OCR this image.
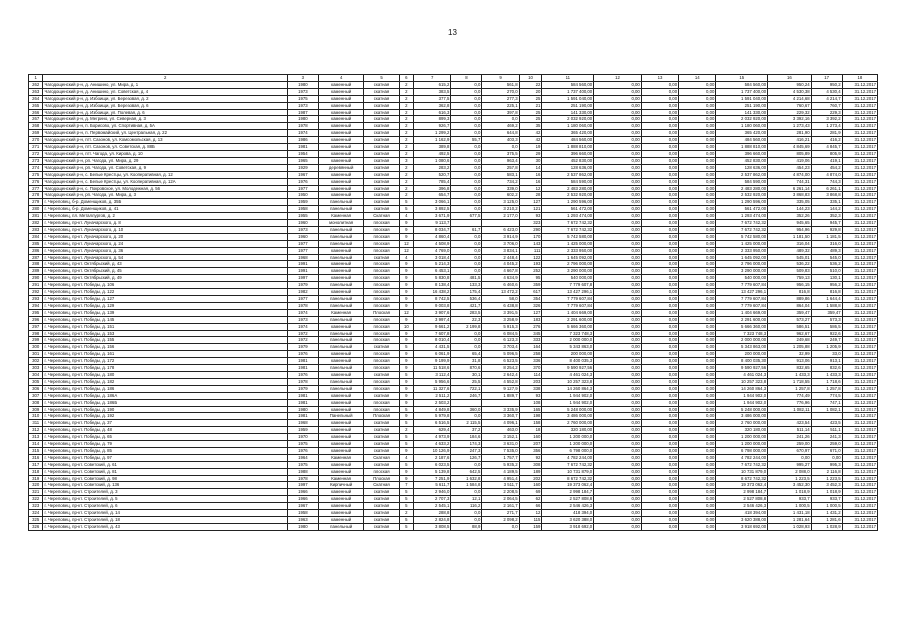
13
1	2	3	4	5	6	7	8	9	10	11	12	13	14	15	16	17	18
262	Чагодощенский р-н, д. Анишино, ул. Мира, д. 1	1980	каменный	скатная	2	615,2	0,0	561,8	22	584 560,00	0,00	0,00	0,00	584 560,00	950,24	950,2	31.12.2017
263	Чагодощенский р-н, д. Анишино, ул. Советская, д. 4	1973	каменный	скатная	2	383,5	0,0	270,0	20	1 737 400,00	0,00	0,00	0,00	1 737 400,00	4 530,38	4 530,4	31.12.2017
264	Чагодощенский р-н, д. Избоищи, ул. Березовая, д. 2	1975	каменный	скатная	2	377,5	0,0	277,3	25	1 591 040,00	0,00	0,00	0,00	1 591 040,00	4 214,68	4 214,7	31.12.2017
265	Чагодощенский р-н, д. Избоищи, ул. Березовая, д. 6	1973	каменный	скатная	2	362,8	0,0	225,1	21	251 190,00	0,00	0,00	0,00	251 190,00	760,67	760,7	31.12.2017
266	Чагодощенский р-н, д. Избоищи, ул. Полевая, д. 6	1987	каменный	скатная	2	616,3	0,0	397,8	25	141 330,00	0,00	0,00	0,00	141 330,00	229,32	229,3	31.12.2017
267	Чагодощенский р-н, д. Мегрино, ул. Северная, д. 3	1980	каменный	скатная	2	899,3	0,0	0,0	25	2 032 920,00	0,00	0,00	0,00	2 032 920,00	3 392,16	3 392,2	31.12.2017
268	Чагодощенский р-н, п. Борисово, ул. Спортивная, д. 5А	1978	каменный	скатная	2	926,7	0,0	469,2	35	1 180 060,00	0,00	0,00	0,00	1 180 060,00	1 273,43	1 273,4	31.12.2017
269	Чагодощенский р-н, п. Первомайский, ул. Центральная, д. 22	1974	каменный	скатная	2	1 299,2	0,0	644,8	42	365 420,00	0,00	0,00	0,00	365 420,00	281,90	281,9	31.12.2017
270	Чагодощенский р-н, пгт. Сазонов, ул. Комсомольская, д. 13	1986	каменный	скатная	2	1 162,9	55,7	403,3	42	484 560,00	0,00	0,00	0,00	484 560,00	416,21	416,2	31.12.2017
271	Чагодощенский р-н, пгт. Сазонов, ул. Советская, д. 88Б	1981	каменный	скатная	2	389,8	0,0	0,0	19	1 888 810,00	0,00	0,00	0,00	1 888 810,00	4 845,69	4 845,7	31.12.2017
272	Чагодощенский р-н, пгт. Чагода, ул. Кирова, д. 10	1954	каменный	скатная	2	492,5	0,0	375,5	29	396 660,00	0,00	0,00	0,00	396 660,00	805,89	805,9	31.12.2017
273	Чагодощенский р-н, рп. Чагода, ул. Мира, д. 29	1965	каменный	скатная	3	1 080,6	0,0	963,4	30	452 830,00	0,00	0,00	0,00	452 830,00	419,06	419,1	31.12.2017
274	Чагодощенский р-н, рп. Чагода, ул. Советская, д. 9	1929	деревянный	скатная	2	283,2	0,0	257,8	14	128 636,00	0,00	0,00	0,00	128 636,00	454,23	454,2	31.12.2017
275	Чагодощенский р-н, с. Белые Крестцы, ул. Кооперативная, д. 12	1967	каменный	скатная	2	520,7	0,0	583,1	16	2 537 862,00	0,00	0,00	0,00	2 537 862,00	4 874,00	4 874,0	31.12.2017
276	Чагодощенский р-н, с. Белые Крестцы, ул. Кооперативная, д. 12А	1976	каменный	скатная	2	785,4	0,0	734,2	16	584 590,00	0,00	0,00	0,00	584 590,00	744,31	744,3	31.12.2017
277	Чагодощенский р-н, с. Покровское, ул. Молодежная, д. 56	1977	каменный	скатная	2	396,8	0,0	339,0	12	2 483 280,00	0,00	0,00	0,00	2 483 280,00	6 261,14	6 261,1	31.12.2017
278	Чагодощенский р-н, рп. Чагода, ул. Мира, д. 3	1950	каменный	скатная	2	654,7	0,0	602,2	28	2 532 920,00	0,00	0,00	0,00	2 532 920,00	3 868,83	3 868,8	31.12.2017
279	г. Череповец, б-р. Доменщиков, д. 35Б	1959	панельный	скатная	5	3 066,1	0,0	3 125,0	127	1 290 596,00	0,00	0,00	0,00	1 290 596,00	335,05	335,1	31.12.2017
280	г. Череповец, б-р. Доменщиков, д. 41	1958	панельный	скатная	5	3 892,5	0,0	3 210,2	121	561 472,00	0,00	0,00	0,00	561 472,00	144,23	144,2	31.12.2017
281	г. Череповец, пл. Металлургов, д. 2	1955	Каменная	Скатная	4	3 671,9	677,5	2 177,0	93	1 293 474,00	0,00	0,00	0,00	1 293 474,00	352,26	352,3	31.12.2017
282	г. Череповец, пр-кт. Луначарского, д. 8	1960	монолитная	плоская	9	9 113,7			323	7 672 742,32	0,00	0,00	0,00	7 672 742,32	945,65	945,7	31.12.2017
283	г. Череповец, пр-кт. Луначарского, д. 10	1973	панельный	плоская	9	8 034,7	61,7	6 423,0	290	7 672 742,32	0,00	0,00	0,00	7 672 742,32	954,96	929,8	31.12.2017
284	г. Череповец, пр-кт. Луначарского, д. 20	1960	панельный	плоская	9	4 860,4	0,0	3 914,9	170	5 742 580,00	0,00	0,00	0,00	5 742 580,00	1 181,50	1 181,5	31.12.2017
285	г. Череповец, пр-кт. Луначарского, д. 24	1977	панельный	плоская	12	4 508,9	0,0	3 706,0	143	1 425 000,00	0,00	0,00	0,00	1 425 000,00	316,04	316,0	31.12.2017
286	г. Череповец, пр-кт. Луначарского, д. 36	1977	каменный	плоская	12	4 769,0	0,0	3 834,1	111	2 333 950,00	0,00	0,00	0,00	2 333 950,00	489,32	489,3	31.12.2017
287	г. Череповец, пр-кт. Луначарского, д. 54	1968	панельный	скатная	4	3 018,4	0,0	2 448,4	122	1 645 092,00	0,00	0,00	0,00	1 645 092,00	545,01	545,0	31.12.2017
288	г. Череповец, пр-кт. Октябрьский, д. 43	1991	каменный	плоская	9	5 214,3	0,0	4 045,2	193	2 796 000,00	0,00	0,00	0,00	2 796 000,00	536,22	536,2	31.12.2017
289	г. Череповец, пр-кт. Октябрьский, д. 45	1991	каменный	плоская	9	6 453,1	0,0	4 667,8	252	3 290 000,00	0,00	0,00	0,00	3 290 000,00	509,83	510,0	31.12.2017
290	г. Череповец, пр-кт. Октябрьский, д. 49	1997	каменный	плоская	9	5 830,8	481,5	4 634,9	95	540 000,00	0,00	0,00	0,00	540 000,00	759,13	130,1	31.12.2017
291	г. Череповец, пр-кт. Победы, д. 106	1979	панельный	плоская	9	8 138,4	133,3	6 460,6	359	7 779 607,8	0,00	0,00	0,00	7 779 607,84	956,15	956,2	31.12.2017
292	г. Череповец, пр-кт. Победы, д. 122	1982	каменный	плоская	9	16 438,2	175,4	13 472,2	617	13 427 296,1	0,00	0,00	0,00	13 427 296,1	816,8	816,8	31.12.2017
293	г. Череповец, пр-кт. Победы, д. 127	1977	панельный	плоская	9	8 742,5	536,4	58,0	354	7 779 607,84	0,00	0,00	0,00	7 779 607,84	889,86	1 644,4	31.12.2017
294	г. Череповец, пр-кт. Победы, д. 129	1978	панельный	плоская	9	9 003,8	421,7	6 438,8	326	7 779 607,84	0,00	0,00	0,00	7 779 607,84	864,04	1 588,8	31.12.2017
295	г. Череповец, пр-кт. Победы, д. 139	1974	Каменная	Плоская	12	3 907,6	283,5	3 391,5	127	1 404 669,00	0,00	0,00	0,00	1 404 669,00	359,47	359,47	31.12.2017
296	г. Череповец, пр-кт. Победы, д. 145	1973	панельный	плоская	9	3 997,4	22,3	3 258,9	183	2 291 600,00	0,00	0,00	0,00	2 291 600,00	573,27	573,3	31.12.2017
297	г. Череповец, пр-кт. Победы, д. 151	1974	каменный	плоская	10	9 661,2	2 199,8	5 915,3	276	5 666 360,00	0,00	0,00	0,00	5 666 360,00	586,51	586,5	31.12.2017
298	г. Череповец, пр-кт. Победы, д. 153	1972	панельный	плоская	9	7 607,8	0,0	6 084,5	345	7 323 748,3	0,00	0,00	0,00	7 323 748,3	962,67	922,6	31.12.2017
299	г. Череповец, пр-кт. Победы, д. 155	1972	панельный	плоская	9	8 010,4	0,0	6 123,3	333	2 000 000,0	0,00	0,00	0,00	2 000 000,00	249,68	249,7	31.12.2017
300	г. Череповец, пр-кт. Победы, д. 156	1979	панельный	скатная	5	4 431,5	0,0	3 703,4	164	5 343 863,0	0,00	0,00	0,00	5 343 863,00	1 205,88	1 205,9	31.12.2017
301	г. Череповец, пр-кт. Победы, д. 161	1976	каменный	плоская	9	6 061,9	65,4	5 096,5	258	200 000,00	0,00	0,00	0,00	200 000,00	32,99	33,0	31.12.2017
302	г. Череповец, пр-кт. Победы, д. 172	1981	каменный	плоская	9	9 199,9	31,8	6 523,5	336	8 400 035,3	0,00	0,00	0,00	8 400 035,30	913,06	913,1	31.12.2017
303	г. Череповец, пр-кт. Победы, д. 178	1981	панельный	плоская	9	11 518,6	870,6	8 254,2	370	9 590 927,56	0,00	0,00	0,00	9 590 927,56	832,65	832,6	31.12.2017
304	г. Череповец, пр-кт. Победы, д. 180	1976	каменный	скатная	5	3 112,4	30,1	2 642,4	114	4 461 024,3	0,00	0,00	0,00	4 461 024,3	1 433,3	1 433,3	31.12.2017
305	г. Череповец, пр-кт. Победы, д. 182	1978	панельный	плоская	9	5 956,6	25,5	4 552,8	203	10 257 323,8	0,00	0,00	0,00	10 257 323,8	1 718,55	1 718,6	31.12.2017
306	г. Череповец, пр-кт. Победы, д. 186	1979	панельный	плоская	9	11 327,6	722,1	9 127,9	338	14 260 864,3	0,00	0,00	0,00	14 260 864,3	1 257,8	1 257,8	31.12.2017
307	г. Череповец, пр-кт. Победы, д. 186А	1981	каменный	скатная	9	2 511,2	246,7	1 889,7	93	1 944 902,0	0,00	0,00	0,00	1 944 902,0	774,49	774,5	31.12.2017
308	г. Череповец, пр-кт. Победы, д. 186Б	1981	каменный	плоская	9	2 503,2			108	1 944 902,0	0,00	0,00	0,00	1 944 902,0	776,96	747,1	31.12.2017
309	г. Череповец, пр-кт. Победы, д. 190	1980	каменный	плоская	5	4 849,8	360,0	3 335,9	165	5 248 000,00	0,00	0,00	0,00	5 248 000,00	1 082,11	1 082,1	31.12.2017
310	г. Череповец, пр-кт. Победы, д. 192	1981	Панельный	Плоская	9	5 979,8	0,0	3 360,7	198	3 486 000,00	0,00	0,00	0,00	3 486 000,00			31.12.2017
311	г. Череповец, пр-кт. Победы, д. 37	1968	каменный	скатная	5	6 516,5	2 115,5	4 096,1	158	2 760 000,00	0,00	0,00	0,00	2 760 000,00	423,54	423,5	31.12.2017
312	г. Череповец, пр-кт. Победы, д. 48	1959	каменный	скатная	2	629,4	37,2	463,0	18	320 180,00	0,00	0,00	0,00	320 180,00	511,14	511,1	31.12.2017
313	г. Череповец, пр-кт. Победы, д. 65	1970	каменный	скатная	5	4 973,9	184,6	3 152,1	160	1 200 000,0	0,00	0,00	0,00	1 200 000,00	241,26	241,3	31.12.2017
314	г. Череповец, пр-кт. Победы, д. 79	1975	каменный	скатная	5	4 633,2	174,3	3 631,0	207	1 200 000,0	0,00	0,00	0,00	1 200 000,00	259,00	259,0	31.12.2017
315	г. Череповец, пр-кт. Победы, д. 85	1976	каменный	скатная	9	10 126,9	247,3	7 535,0	356	6 798 000,0	0,00	0,00	0,00	6 798 000,00	670,97	671,0	31.12.2017
316	г. Череповец, пр-кт. Победы, д. 97	1964	Каменная	Скатная	4	2 187,6	126,7	1 757,7	92	4 782 244,00	0,00	0,00	0,00	4 782 244,00	0,00	0,00	31.12.2017
317	г. Череповец, пр-кт. Советский, д. 61	1975	каменный	скатная	5	6 023,5	0,0	5 935,2	308	7 672 742,32	0,00	0,00	0,00	7 672 742,32	995,27	995,3	31.12.2017
318	г. Череповец, пр-кт. Советский, д. 81	1988	каменный	плоская	9	5 139,8	642,5	4 189,5	189	10 731 879,0	0,00	0,00	0,00	10 731 879,0	2 088,0	2 116,8	31.12.2017
319	г. Череповец, пр-кт. Советский, д. 98	1978	Каменная	Плоская	9	7 251,9	1 632,8	4 951,4	202	8 672 742,32	0,00	0,00	0,00	8 672 742,32	1 223,5	1 223,5	31.12.2017
320	г. Череповец, пр-кт. Советский, д. 136	1997	Кирпичный	Скатная	7	5 611,7	1 584,8	3 511,7	160	19 373 062,4	0,00	0,00	0,00	19 373 062,4	3 452,30	3 452,3	31.12.2017
321	г. Череповец, пр-кт. Строителей, д. 3	1966	каменный	скатная	5	2 946,0	0,0	2 208,5	69	2 998 184,7	0,00	0,00	0,00	2 998 184,7	1 018,9	1 018,9	31.12.2017
322	г. Череповец, пр-кт. Строителей, д. 5	1966	каменный	скатная	5	2 707,3	12,1	2 064,5	62	2 527 808,8	0,00	0,00	0,00	2 527 808,8	933,7	933,7	31.12.2017
323	г. Череповец, пр-кт. Строителей, д. 6	1967	каменный	скатная	5	2 545,1	116,2	2 161,7	66	2 546 426,3	0,00	0,00	0,00	2 546 426,3	1 000,5	1 000,5	31.12.2017
324	г. Череповец, пр-кт. Строителей, д. 14	1958	каменный	скатная	2	288,8	0,0	271,7	12	418 394,0	0,00	0,00	0,00	418 394,00	1 431,18	1 431,2	31.12.2017
325	г. Череповец, пр-кт. Строителей, д. 18	1963	каменный	скатная	5	2 824,8	0,0	2 098,2	115	3 620 388,0	0,00	0,00	0,00	3 620 388,00	1 281,64	1 281,6	31.12.2017
326	г. Череповец, пр-кт. Строителей, д. 43	1980	панельный	скатная	5	3 808,5	88,9	0,0	159	3 918 692,0	0,00	0,00	0,00	3 918 692,00	1 028,93	1 028,9	31.12.2017
